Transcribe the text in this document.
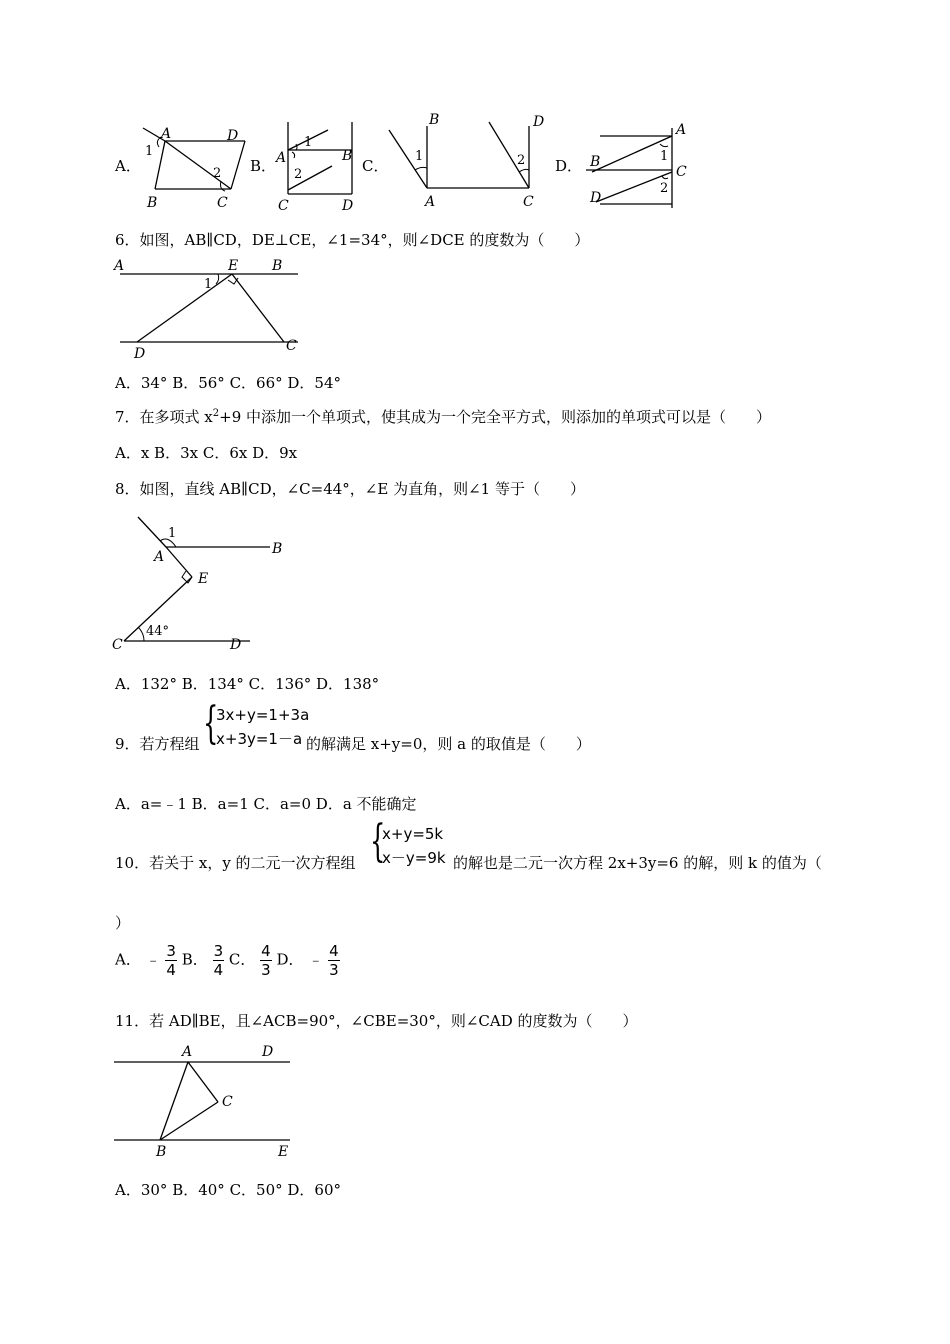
A．
A	D
B	C
1
2 B． A	B
C	D
1
2	C．
B	D
A	C
1	2 D．
A
B
C
D
1
2
6．如图，AB∥CD，DE⊥CE，∠1=34°，则∠DCE 的度数为（　　）
A	E B
D	C
1
A．34° B．56° C．66° D．54°
7．在多项式 $x^2+9$ 中添加一个单项式，使其成为一个完全平方式，则添加的单项式可以是（　　）
A．x B．3x C．6x D．9x
8．如图，直线 AB∥CD，∠C=44°，∠E 为直角，则∠1 等于（　　）
1
A	B
E
C	D
44°
A．132° B．134° C．136° D．138°
9．若方程组 {
3x+y=1+3a
x+3y=1－a 的解满足 x+y=0，则 a 的取值是（　　）
A．a=﹣1 B．a=1 C．a=0 D．a 不能确定
10．若关于 x，y 的二元一次方程组 {
x+y=5k
x－y=9k 的解也是二元一次方程 2x+3y=6 的解，则 k 的值为（
）
A． ﹣ $\frac{3}{4}$ B． $\frac{3}{4}$ C． $\frac{4}{3}$ D． ﹣ $\frac{4}{3}$
11．若 AD∥BE，且∠ACB=90°，∠CBE=30°，则∠CAD 的度数为（　　）
A	D
C
B	E
A．30° B．40° C．50° D．60°
